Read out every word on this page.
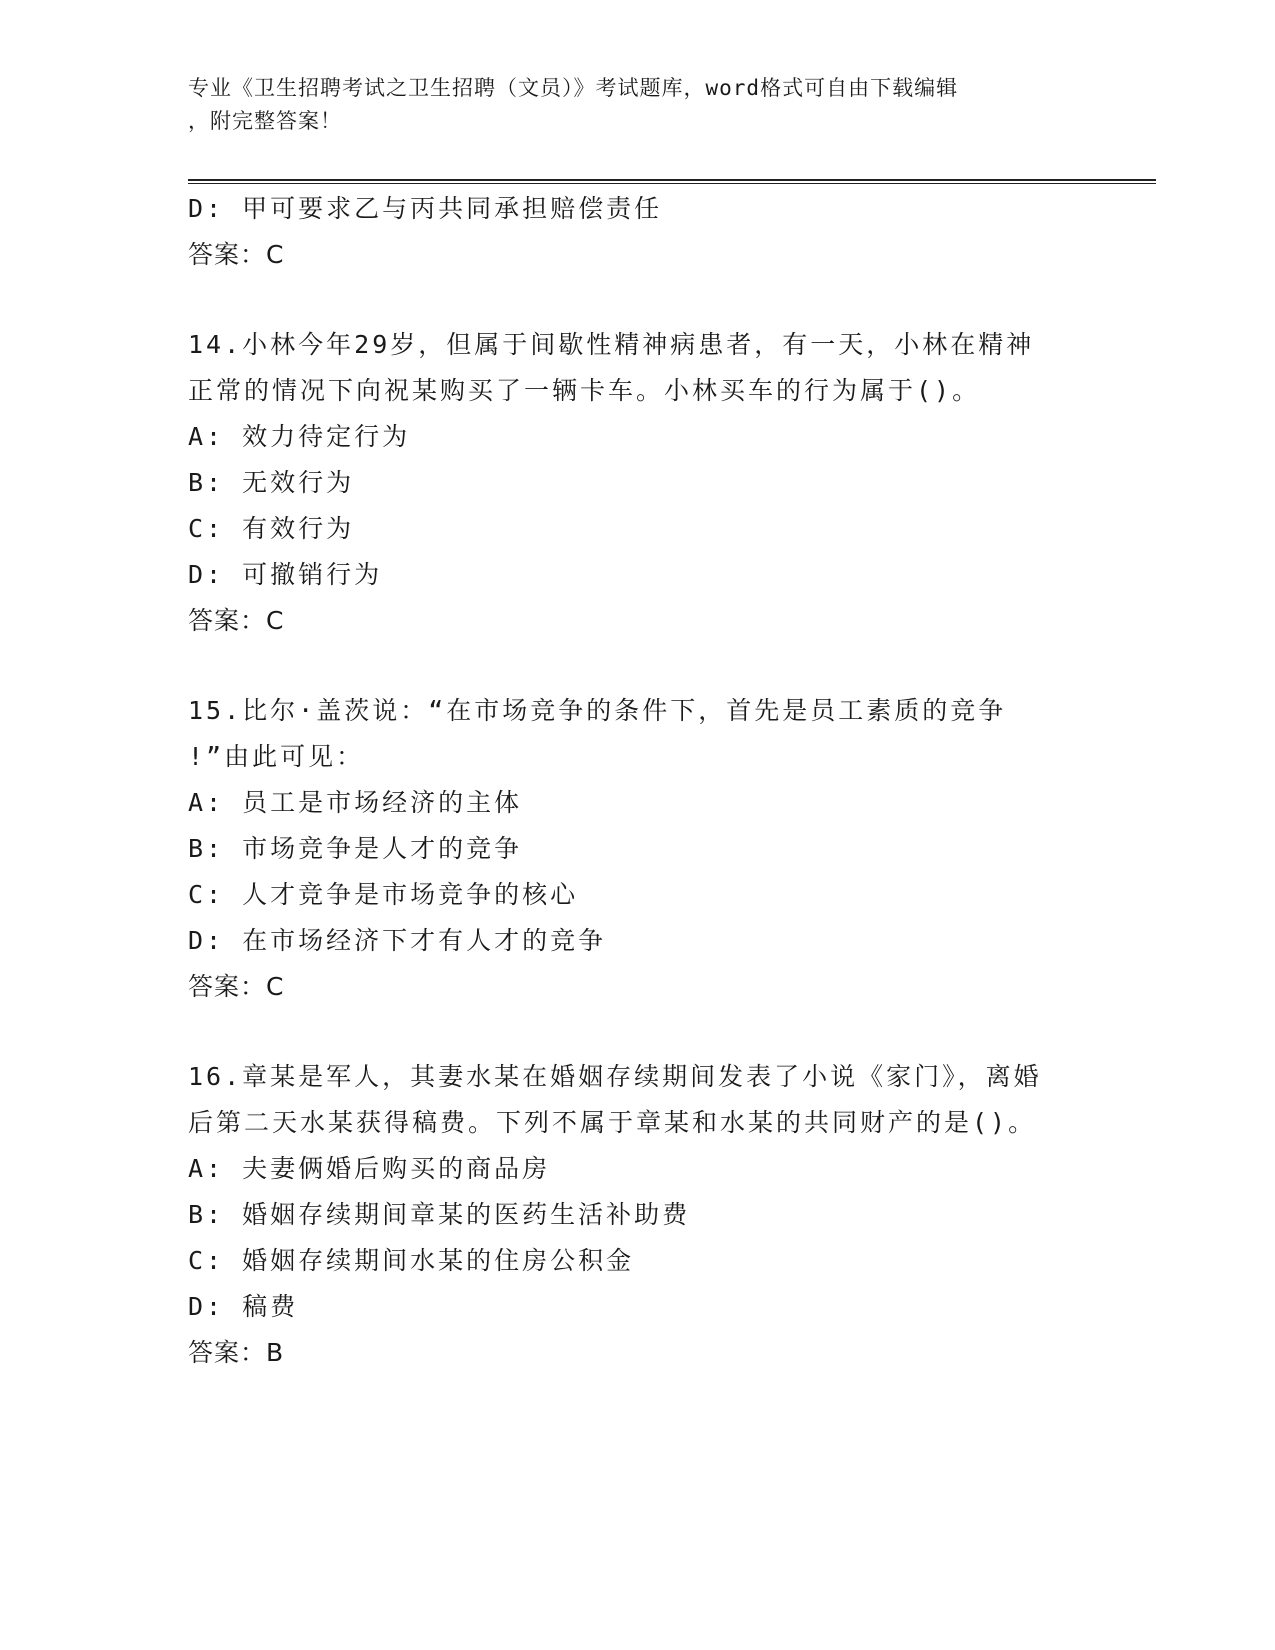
专业《卫生招聘考试之卫生招聘（文员）》考试题库，word格式可自由下载编辑
，附完整答案！
D: 甲可要求乙与丙共同承担赔偿责任
答案：C
14.小林今年29岁，但属于间歇性精神病患者，有一天，小林在精神
正常的情况下向祝某购买了一辆卡车。小林买车的行为属于()。
A: 效力待定行为
B: 无效行为
C: 有效行为
D: 可撤销行为
答案：C
15.比尔·盖茨说：“在市场竞争的条件下，首先是员工素质的竞争
!”由此可见：
A: 员工是市场经济的主体
B: 市场竞争是人才的竞争
C: 人才竞争是市场竞争的核心
D: 在市场经济下才有人才的竞争
答案：C
16.章某是军人，其妻水某在婚姻存续期间发表了小说《家门》，离婚
后第二天水某获得稿费。下列不属于章某和水某的共同财产的是()。
A: 夫妻俩婚后购买的商品房
B: 婚姻存续期间章某的医药生活补助费
C: 婚姻存续期间水某的住房公积金
D: 稿费
答案：B
